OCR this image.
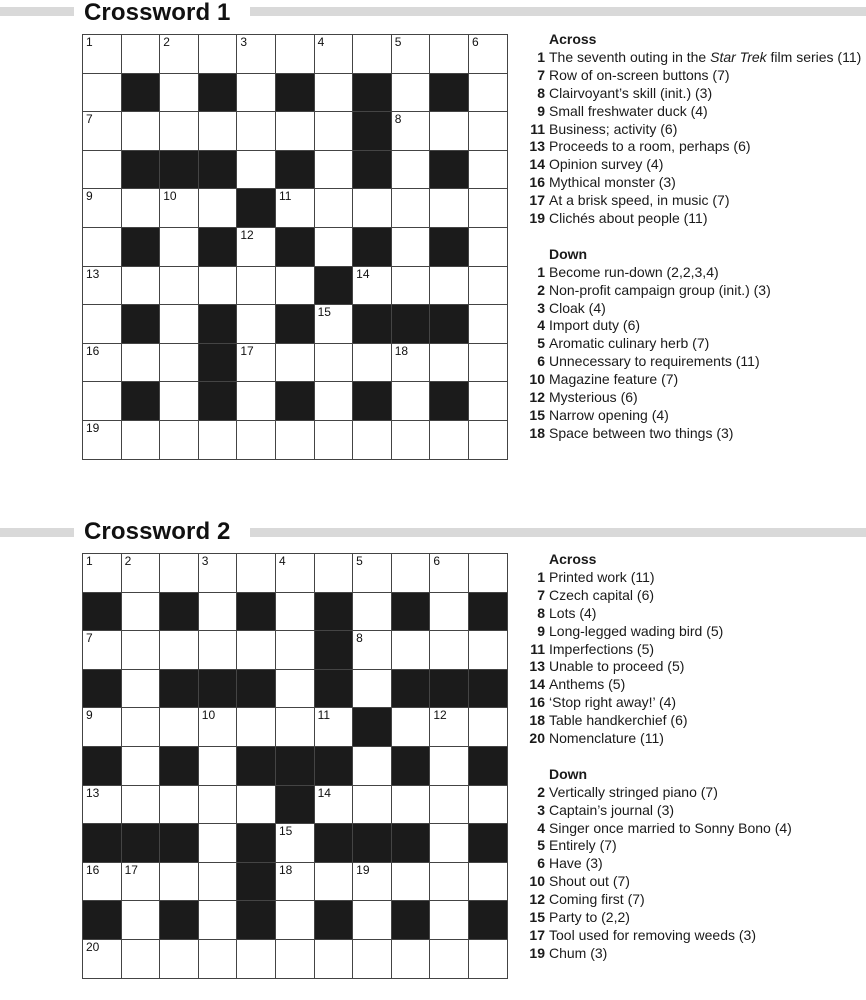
Crossword 1
1	2	3	4	5	6
7	8
9	10	11
12
13	14
15
16	17	18
19
Across
1 The seventh outing in the Star Trek film series (11)
7 Row of on-screen buttons (7)
8 Clairvoyant’s skill (init.) (3)
9 Small freshwater duck (4)
11 Business; activity (6)
13 Proceeds to a room, perhaps (6)
14 Opinion survey (4)
16 Mythical monster (3)
17 At a brisk speed, in music (7)
19 Clichés about people (11)
Down
1 Become run-down (2,2,3,4)
2 Non-profit campaign group (init.) (3)
3 Cloak (4)
4 Import duty (6)
5 Aromatic culinary herb (7)
6 Unnecessary to requirements (11)
10 Magazine feature (7)
12 Mysterious (6)
15 Narrow opening (4)
18 Space between two things (3)
Crossword 2
1	2	3	4	5	6
7	8
9	10	11	12
13	14
15
16 17	18	19
20
Across
1 Printed work (11)
7 Czech capital (6)
8 Lots (4)
9 Long-legged wading bird (5)
11 Imperfections (5)
13 Unable to proceed (5)
14 Anthems (5)
16 ‘Stop right away!’ (4)
18 Table handkerchief (6)
20 Nomenclature (11)
Down
2 Vertically stringed piano (7)
3 Captain’s journal (3)
4 Singer once married to Sonny Bono (4)
5 Entirely (7)
6 Have (3)
10 Shout out (7)
12 Coming first (7)
15 Party to (2,2)
17 Tool used for removing weeds (3)
19 Chum (3)
